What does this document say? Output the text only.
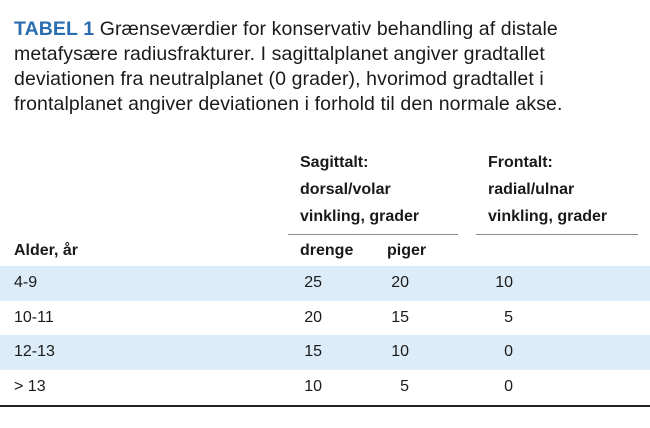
TABEL 1 Grænseværdier for konservativ behandling af distale metafysære radiusfrakturer. I sagittalplanet angiver gradtallet deviationen fra neutralplanet (0 grader), hvorimod gradtallet i frontalplanet angiver deviationen i forhold til den normale akse.
Sagittalt:
dorsal/volar
vinkling, grader
Frontalt:
radial/ulnar
vinkling, grader
Alder, år	drenge piger
4-9	25	20	10
10-11	20	15	5
12-13	15	10	0
> 13	10	5	0
